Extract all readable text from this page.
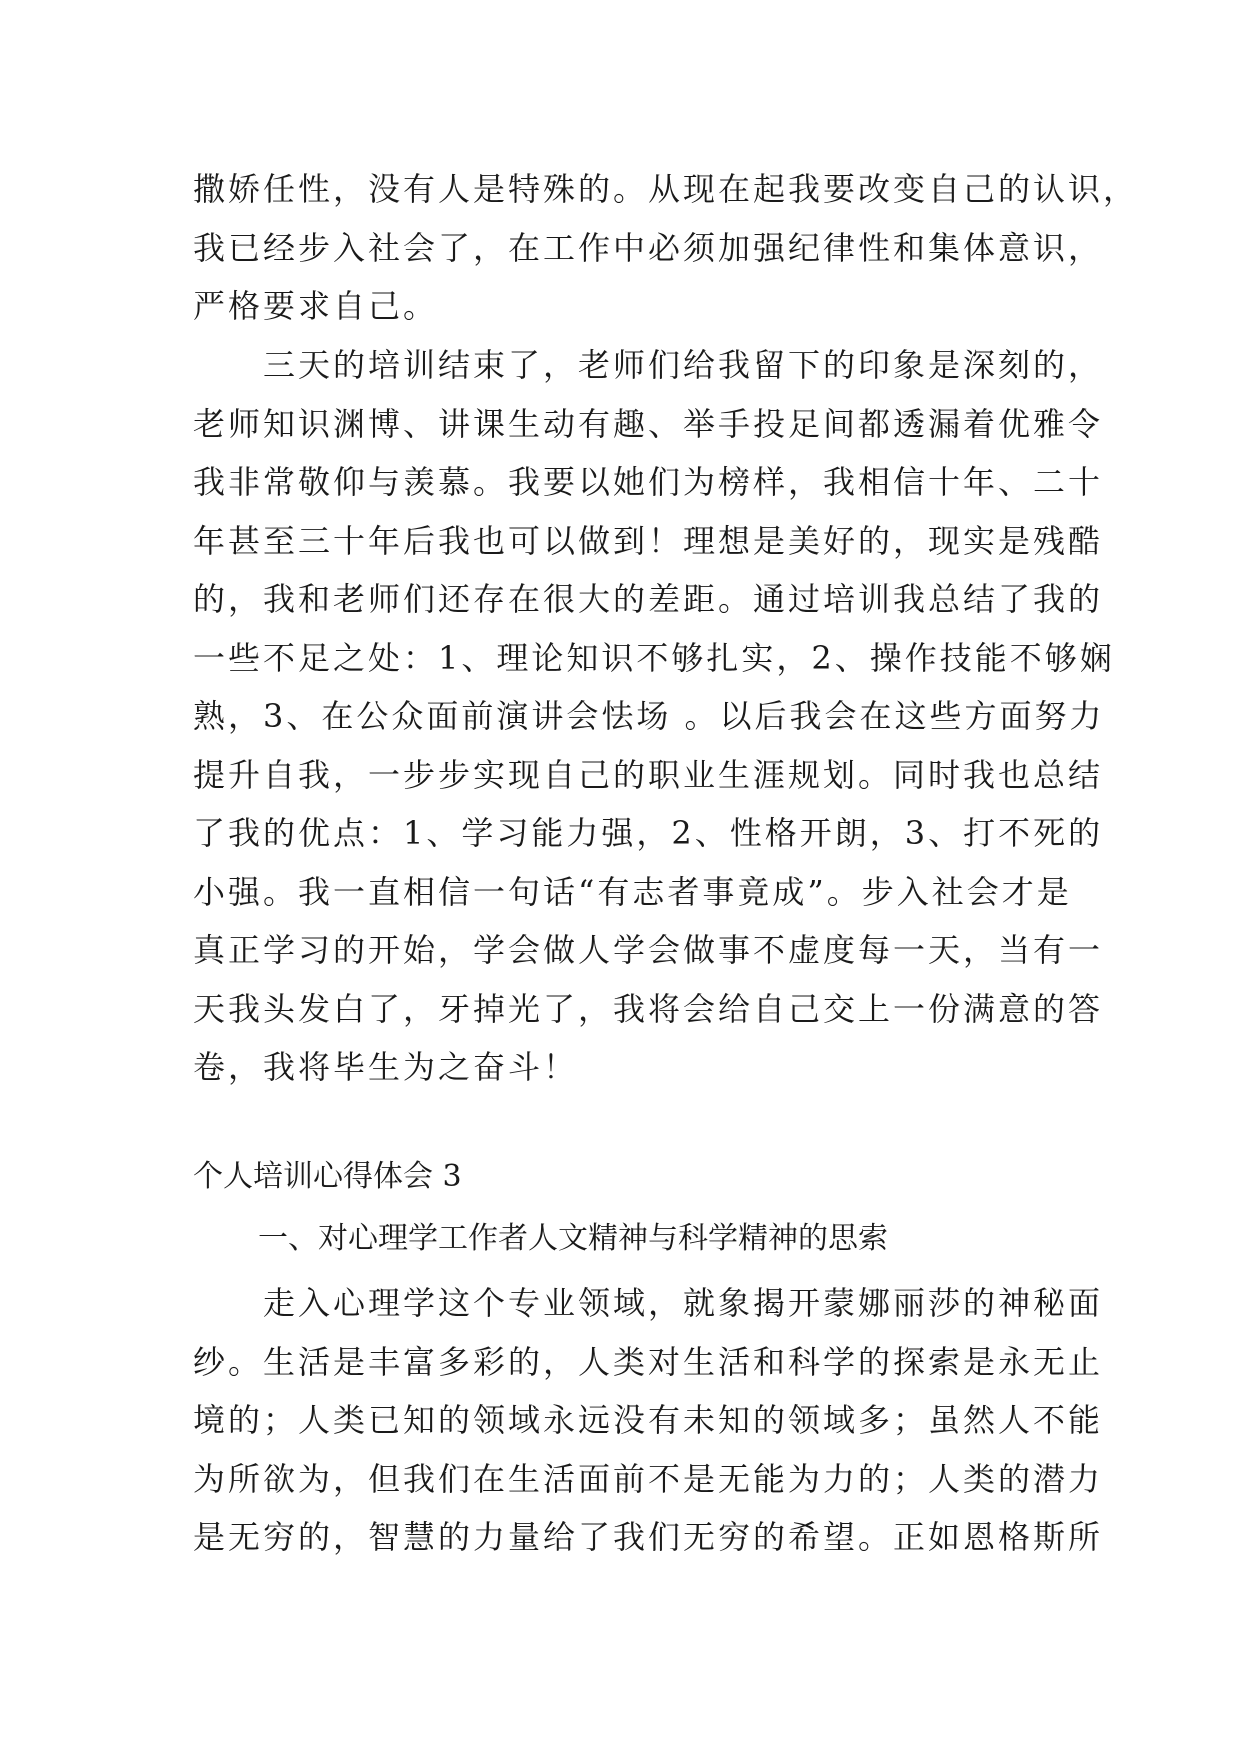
撒娇任性，没有人是特殊的。从现在起我要改变自己的认识，
我已经步入社会了，在工作中必须加强纪律性和集体意识，
严格要求自己。
　　三天的培训结束了，老师们给我留下的印象是深刻的，
老师知识渊博、讲课生动有趣、举手投足间都透漏着优雅令
我非常敬仰与羡慕。我要以她们为榜样，我相信十年、二十
年甚至三十年后我也可以做到！理想是美好的，现实是残酷
的，我和老师们还存在很大的差距。通过培训我总结了我的
一些不足之处：1、理论知识不够扎实，2、操作技能不够娴
熟，3、在公众面前演讲会怯场 。以后我会在这些方面努力
提升自我，一步步实现自己的职业生涯规划。同时我也总结
了我的优点：1、学习能力强，2、性格开朗，3、打不死的
小强。我一直相信一句话“有志者事竟成”。步入社会才是
真正学习的开始，学会做人学会做事不虚度每一天，当有一
天我头发白了，牙掉光了，我将会给自己交上一份满意的答
卷，我将毕生为之奋斗！
个人培训心得体会 3
一、对心理学工作者人文精神与科学精神的思索
　　走入心理学这个专业领域，就象揭开蒙娜丽莎的神秘面
纱。生活是丰富多彩的，人类对生活和科学的探索是永无止
境的；人类已知的领域永远没有未知的领域多；虽然人不能
为所欲为，但我们在生活面前不是无能为力的；人类的潜力
是无穷的，智慧的力量给了我们无穷的希望。正如恩格斯所
